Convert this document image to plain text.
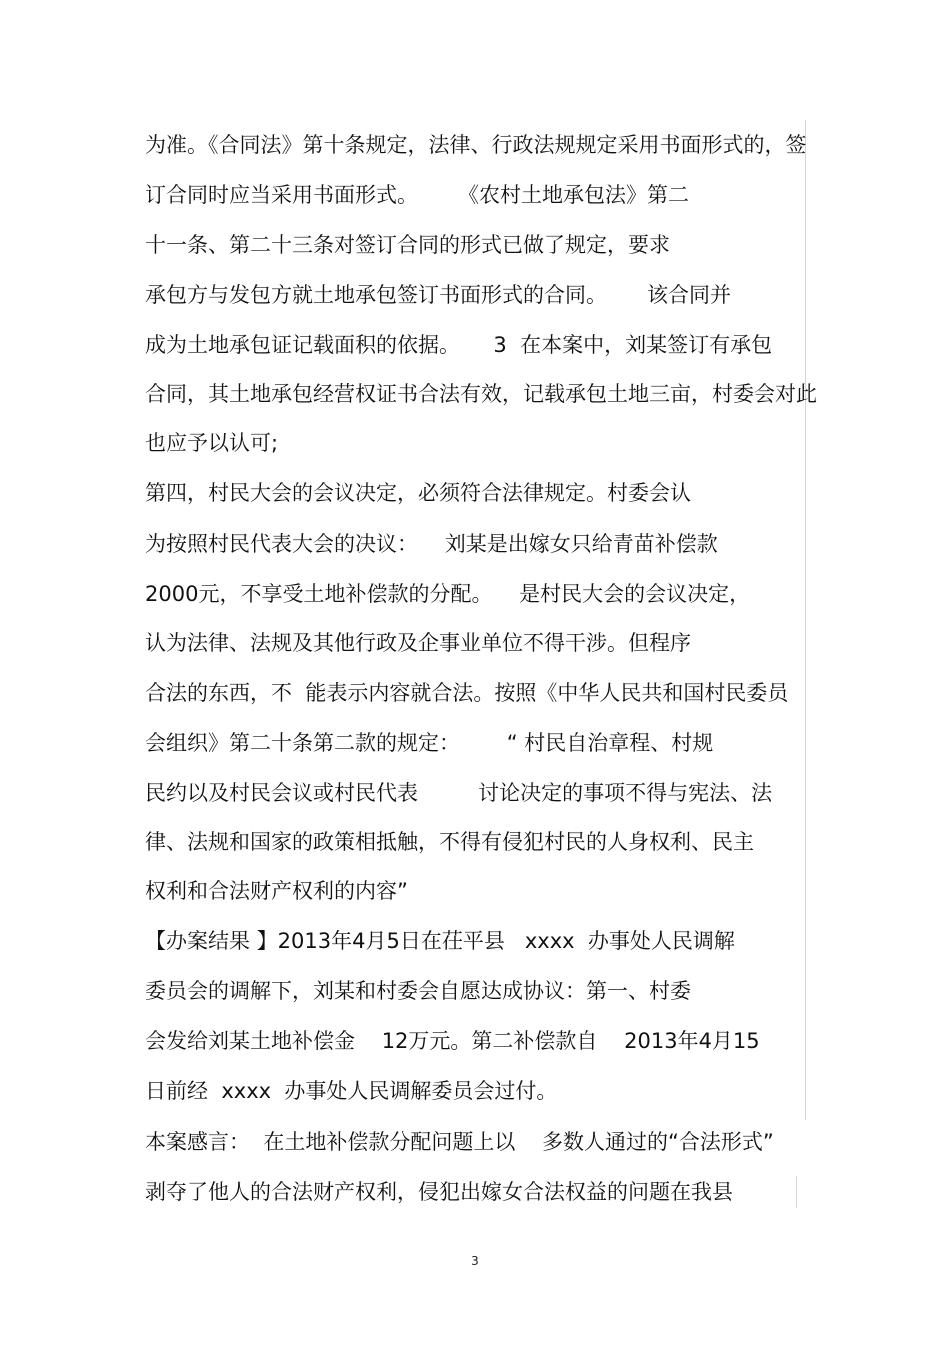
为准。《合同法》第十条规定，法律、行政法规规定采用书面形式的，签
订合同时应当采用书面形式。      《农村土地承包法》第二
十一条、第二十三条对签订合同的形式已做了规定，要求
承包方与发包方就土地承包签订书面形式的合同。      该合同并
成为土地承包证记载面积的依据。     3  在本案中，刘某签订有承包
合同，其土地承包经营权证书合法有效，记载承包土地三亩，村委会对此
也应予以认可;
第四，村民大会的会议决定，必须符合法律规定。村委会认
为按照村民代表大会的决议：    刘某是出嫁女只给青苗补偿款
2000元，不享受土地补偿款的分配。    是村民大会的会议决定，
认为法律、法规及其他行政及企事业单位不得干涉。但程序
合法的东西，不  能表示内容就合法。按照《中华人民共和国村民委员
会组织》第二十条第二款的规定：       “ 村民自治章程、村规
民约以及村民会议或村民代表         讨论决定的事项不得与宪法、法
律、法规和国家的政策相抵触，不得有侵犯村民的人身权利、民主
权利和合法财产权利的内容”
【办案结果 】2013年4月5日在茌平县   xxxx  办事处人民调解
委员会的调解下，刘某和村委会自愿达成协议：第一、村委
会发给刘某土地补偿金    12万元。第二补偿款自    2013年4月15
日前经  xxxx  办事处人民调解委员会过付。
本案感言：  在土地补偿款分配问题上以    多数人通过的“合法形式”
剥夺了他人的合法财产权利，侵犯出嫁女合法权益的问题在我县
3
